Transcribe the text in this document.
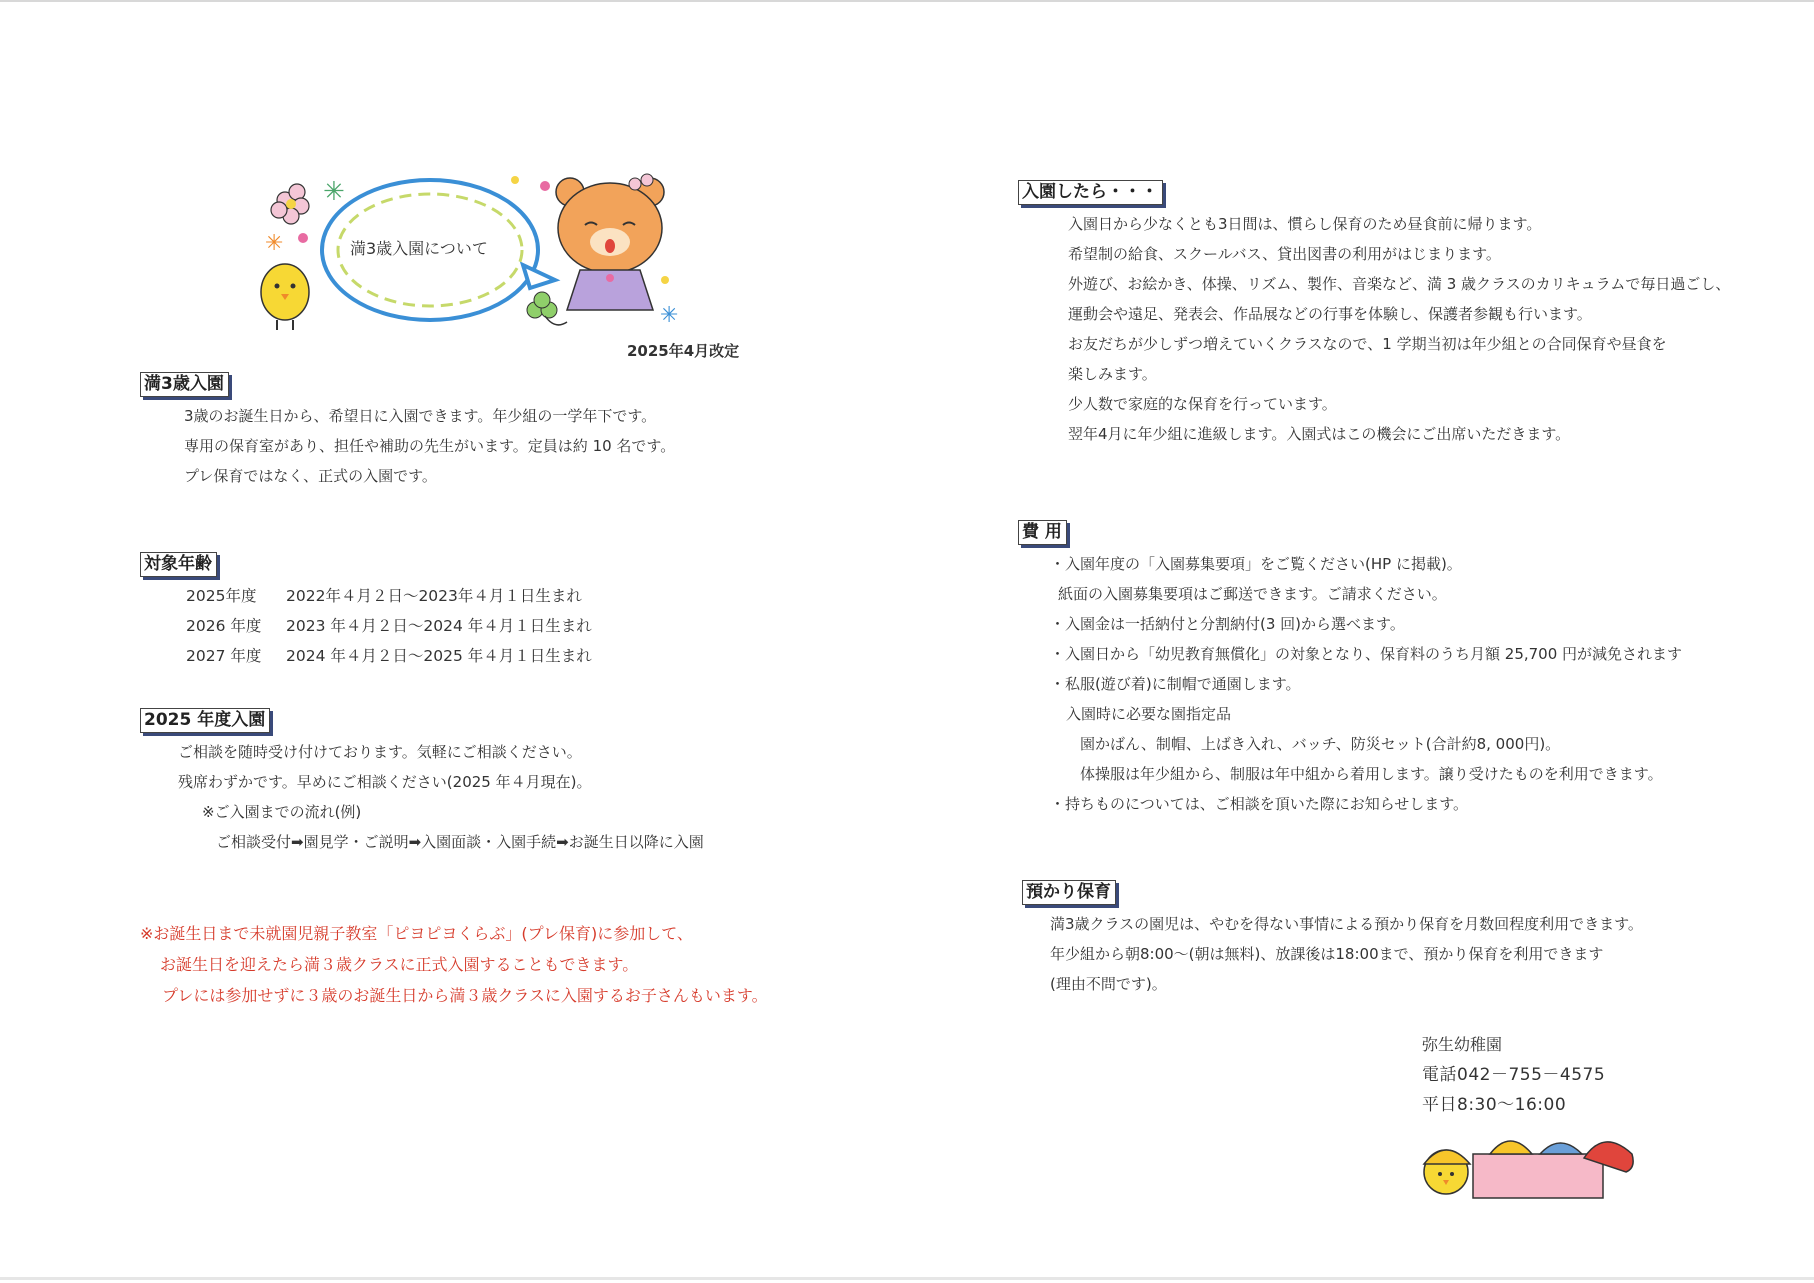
✳
✳
✳
満3歳入園について
2025年4月改定
満3歳入園
3歳のお誕生日から、希望日に入園できます。年少組の一学年下です。
専用の保育室があり、担任や補助の先生がいます。定員は約 10 名です。
プレ保育ではなく、正式の入園です。
対象年齢
2025年度 2022年４月２日～2023年４月１日生まれ
2026 年度 2023 年４月２日～2024 年４月１日生まれ
2027 年度 2024 年４月２日～2025 年４月１日生まれ
2025 年度入園
ご相談を随時受け付けております。気軽にご相談ください。
残席わずかです。早めにご相談ください(2025 年４月現在)。
※ご入園までの流れ(例)
ご相談受付➡園見学・ご説明➡入園面談・入園手続➡お誕生日以降に入園
※お誕生日まで未就園児親子教室「ピヨピヨくらぶ」(プレ保育)に参加して、
お誕生日を迎えたら満３歳クラスに正式入園することもできます。
プレには参加せずに３歳のお誕生日から満３歳クラスに入園するお子さんもいます。
入園したら・・・
入園日から少なくとも3日間は、慣らし保育のため昼食前に帰ります。
希望制の給食、スクールバス、貸出図書の利用がはじまります。
外遊び、お絵かき、体操、リズム、製作、音楽など、満 3 歳クラスのカリキュラムで毎日過ごし、
運動会や遠足、発表会、作品展などの行事を体験し、保護者参観も行います。
お友だちが少しずつ増えていくクラスなので、1 学期当初は年少組との合同保育や昼食を
楽しみます。
少人数で家庭的な保育を行っています。
翌年4月に年少組に進級します。入園式はこの機会にご出席いただきます。
費 用
・入園年度の「入園募集要項」をご覧ください(HP に掲載)。
紙面の入園募集要項はご郵送できます。ご請求ください。
・入園金は一括納付と分割納付(3 回)から選べます。
・入園日から「幼児教育無償化」の対象となり、保育料のうち月額 25,700 円が減免されます
・私服(遊び着)に制帽で通園します。
入園時に必要な園指定品
園かばん、制帽、上ばき入れ、バッチ、防災セット(合計約8, 000円)。
体操服は年少組から、制服は年中組から着用します。譲り受けたものを利用できます。
・持ちものについては、ご相談を頂いた際にお知らせします。
預かり保育
満3歳クラスの園児は、やむを得ない事情による預かり保育を月数回程度利用できます。
年少組から朝8:00～(朝は無料)、放課後は18:00まで、預かり保育を利用できます
(理由不問です)。
弥生幼稚園
電話042－755－4575
平日8:30～16:00
